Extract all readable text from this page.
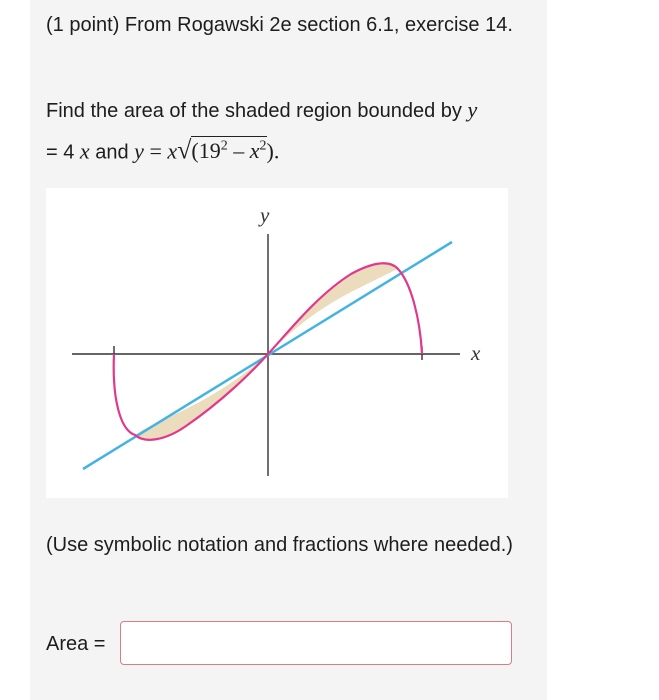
(1 point) From Rogawski 2e section 6.1, exercise 14.
Find the area of the shaded region bounded by y
= 4 x and $y = x√(19^2 - x^2)$.
y
x
(Use symbolic notation and fractions where needed.)
Area =
